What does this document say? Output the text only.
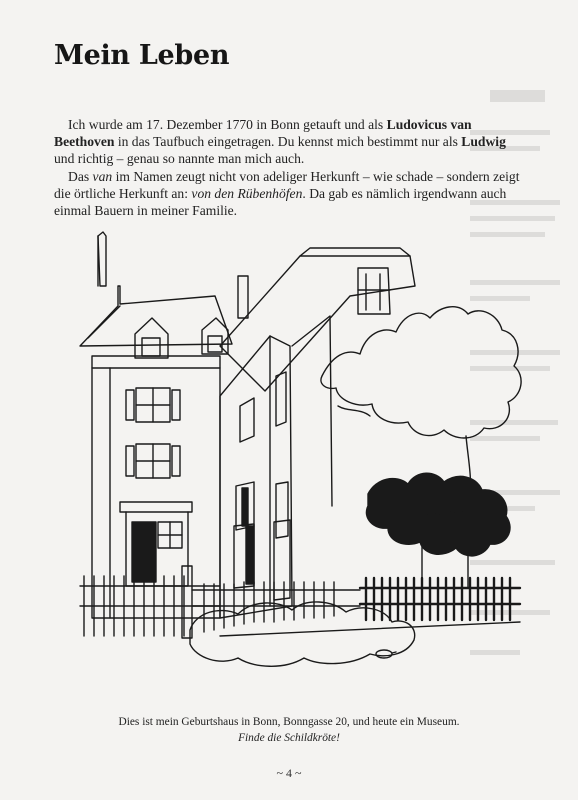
Mein Leben

Ich wurde am 17. Dezember 1770 in Bonn getauft und als Ludovicus van Beethoven in das Taufbuch eingetragen. Du kennst mich bestimmt nur als Ludwig und richtig – genau so nannte man mich auch.

Das van im Namen zeugt nicht von adeliger Herkunft – wie schade – sondern zeigt die örtliche Herkunft an: von den Rübenhöfen. Da gab es nämlich irgendwann auch einmal Bauern in meiner Familie.

Dies ist mein Geburtshaus in Bonn, Bonngasse 20, und heute ein Museum.
Finde die Schildkröte!
~ 4 ~
